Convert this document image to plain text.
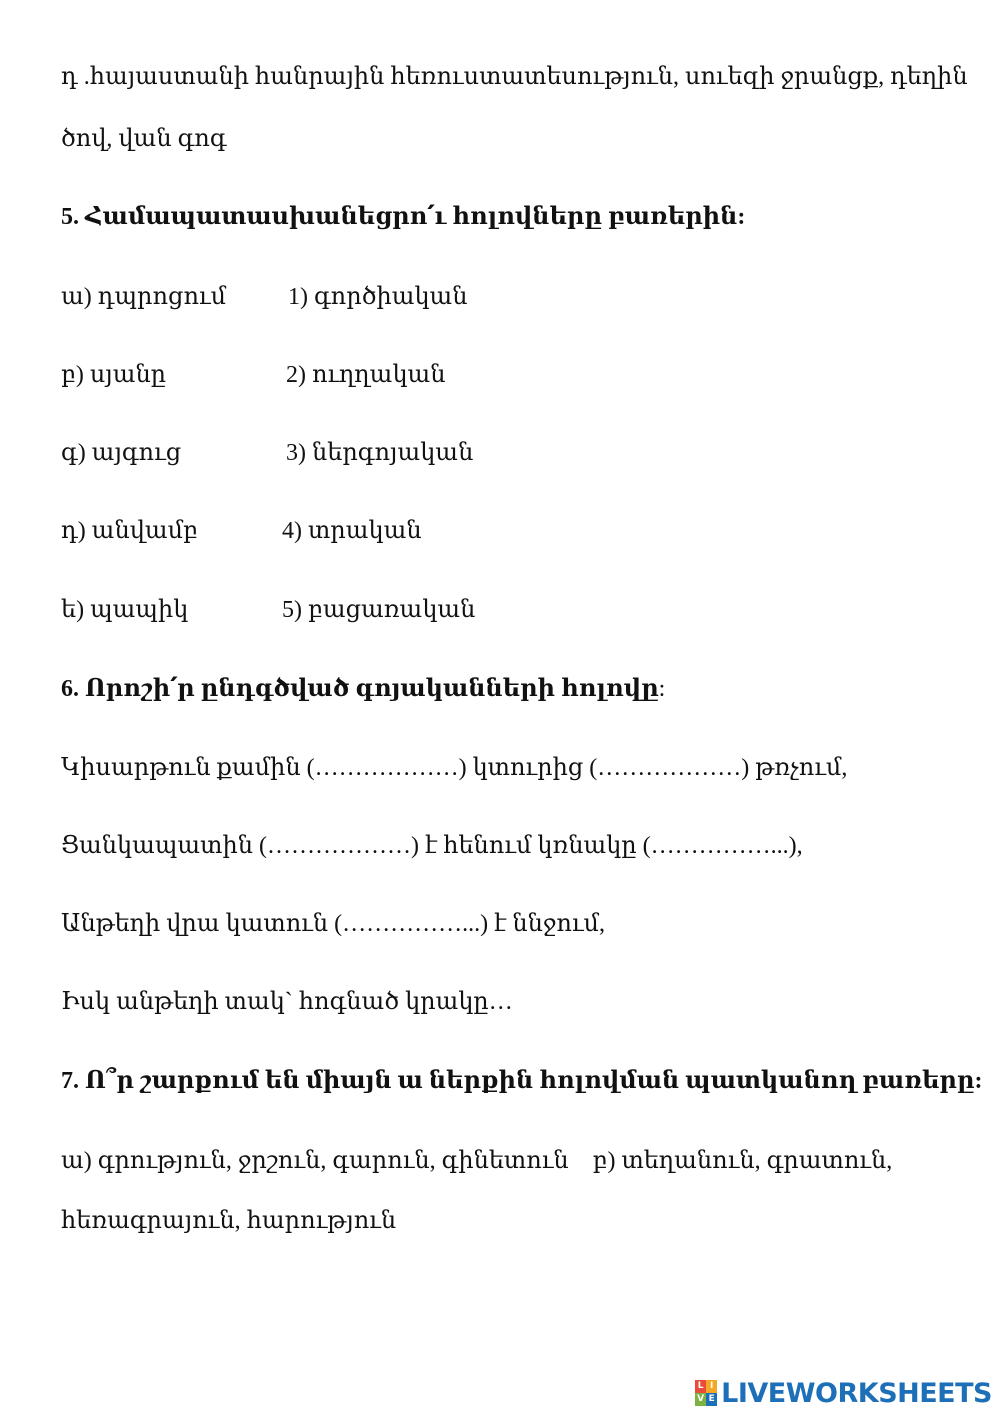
դ .հայաստանի հանրային հեռուստատեսություն, սուեզի ջրանցք, դեղին
ծով, վան գոգ
5. Համապատասխանեցրո՛ւ հոլովները բառերին:
ա) դպրոցում	1) գործիական
բ) սյանը	2) ուղղական
գ) այգուց	3) ներգոյական
դ) անվամբ	4) տրական
ե) պապիկ	5) բացառական
6. Որոշի՛ր ընդգծված գոյականների հոլովը:
Կիսարթուն քամին (………………) կտուրից (………………) թռչում,
Ցանկապատին (………………) է հենում կռնակը (……………...),
Անթեղի վրա կատուն (……………...) է ննջում,
Իսկ անթեղի տակ` հոգնած կրակը…
7. Ո՞ր շարքում են միայն ա ներքին հոլովման պատկանող բառերը:
ա) գրություն, ջրշուն, գարուն, գինետուն    բ) տեղանուն, գրատուն,
հեռագրայուն, հարություն
L I
V E LIVEWORKSHEETS
